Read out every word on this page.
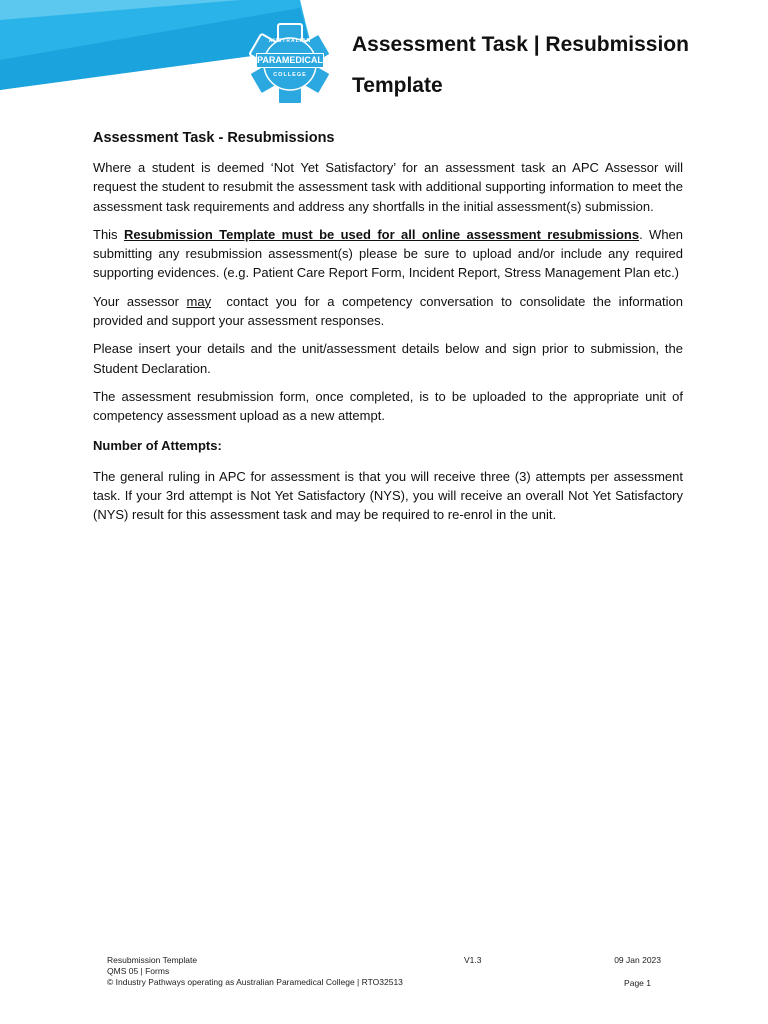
AUSTRALIAN
PARAMEDICAL
COLLEGE
Assessment Task | Resubmission
Template
Assessment Task - Resubmissions

Where a student is deemed ‘Not Yet Satisfactory’ for an assessment task an APC Assessor will request the student to resubmit the assessment task with additional supporting information to meet the assessment task requirements and address any shortfalls in the initial assessment(s) submission.

This Resubmission Template must be used for all online assessment resubmissions. When submitting any resubmission assessment(s) please be sure to upload and/or include any required supporting evidences. (e.g. Patient Care Report Form, Incident Report, Stress Management Plan etc.)

Your assessor may  contact you for a competency conversation to consolidate the information provided and support your assessment responses.

Please insert your details and the unit/assessment details below and sign prior to submission, the Student Declaration.

The assessment resubmission form, once completed, is to be uploaded to the appropriate unit of competency assessment upload as a new attempt.

Number of Attempts:

The general ruling in APC for assessment is that you will receive three (3) attempts per assessment task. If your 3rd attempt is Not Yet Satisfactory (NYS), you will receive an overall Not Yet Satisfactory (NYS) result for this assessment task and may be required to re-enrol in the unit.

Resubmission Template
QMS 05 | Forms
© Industry Pathways operating as Australian Paramedical College | RTO32513
V1.3	09 Jan 2023
Page 1
